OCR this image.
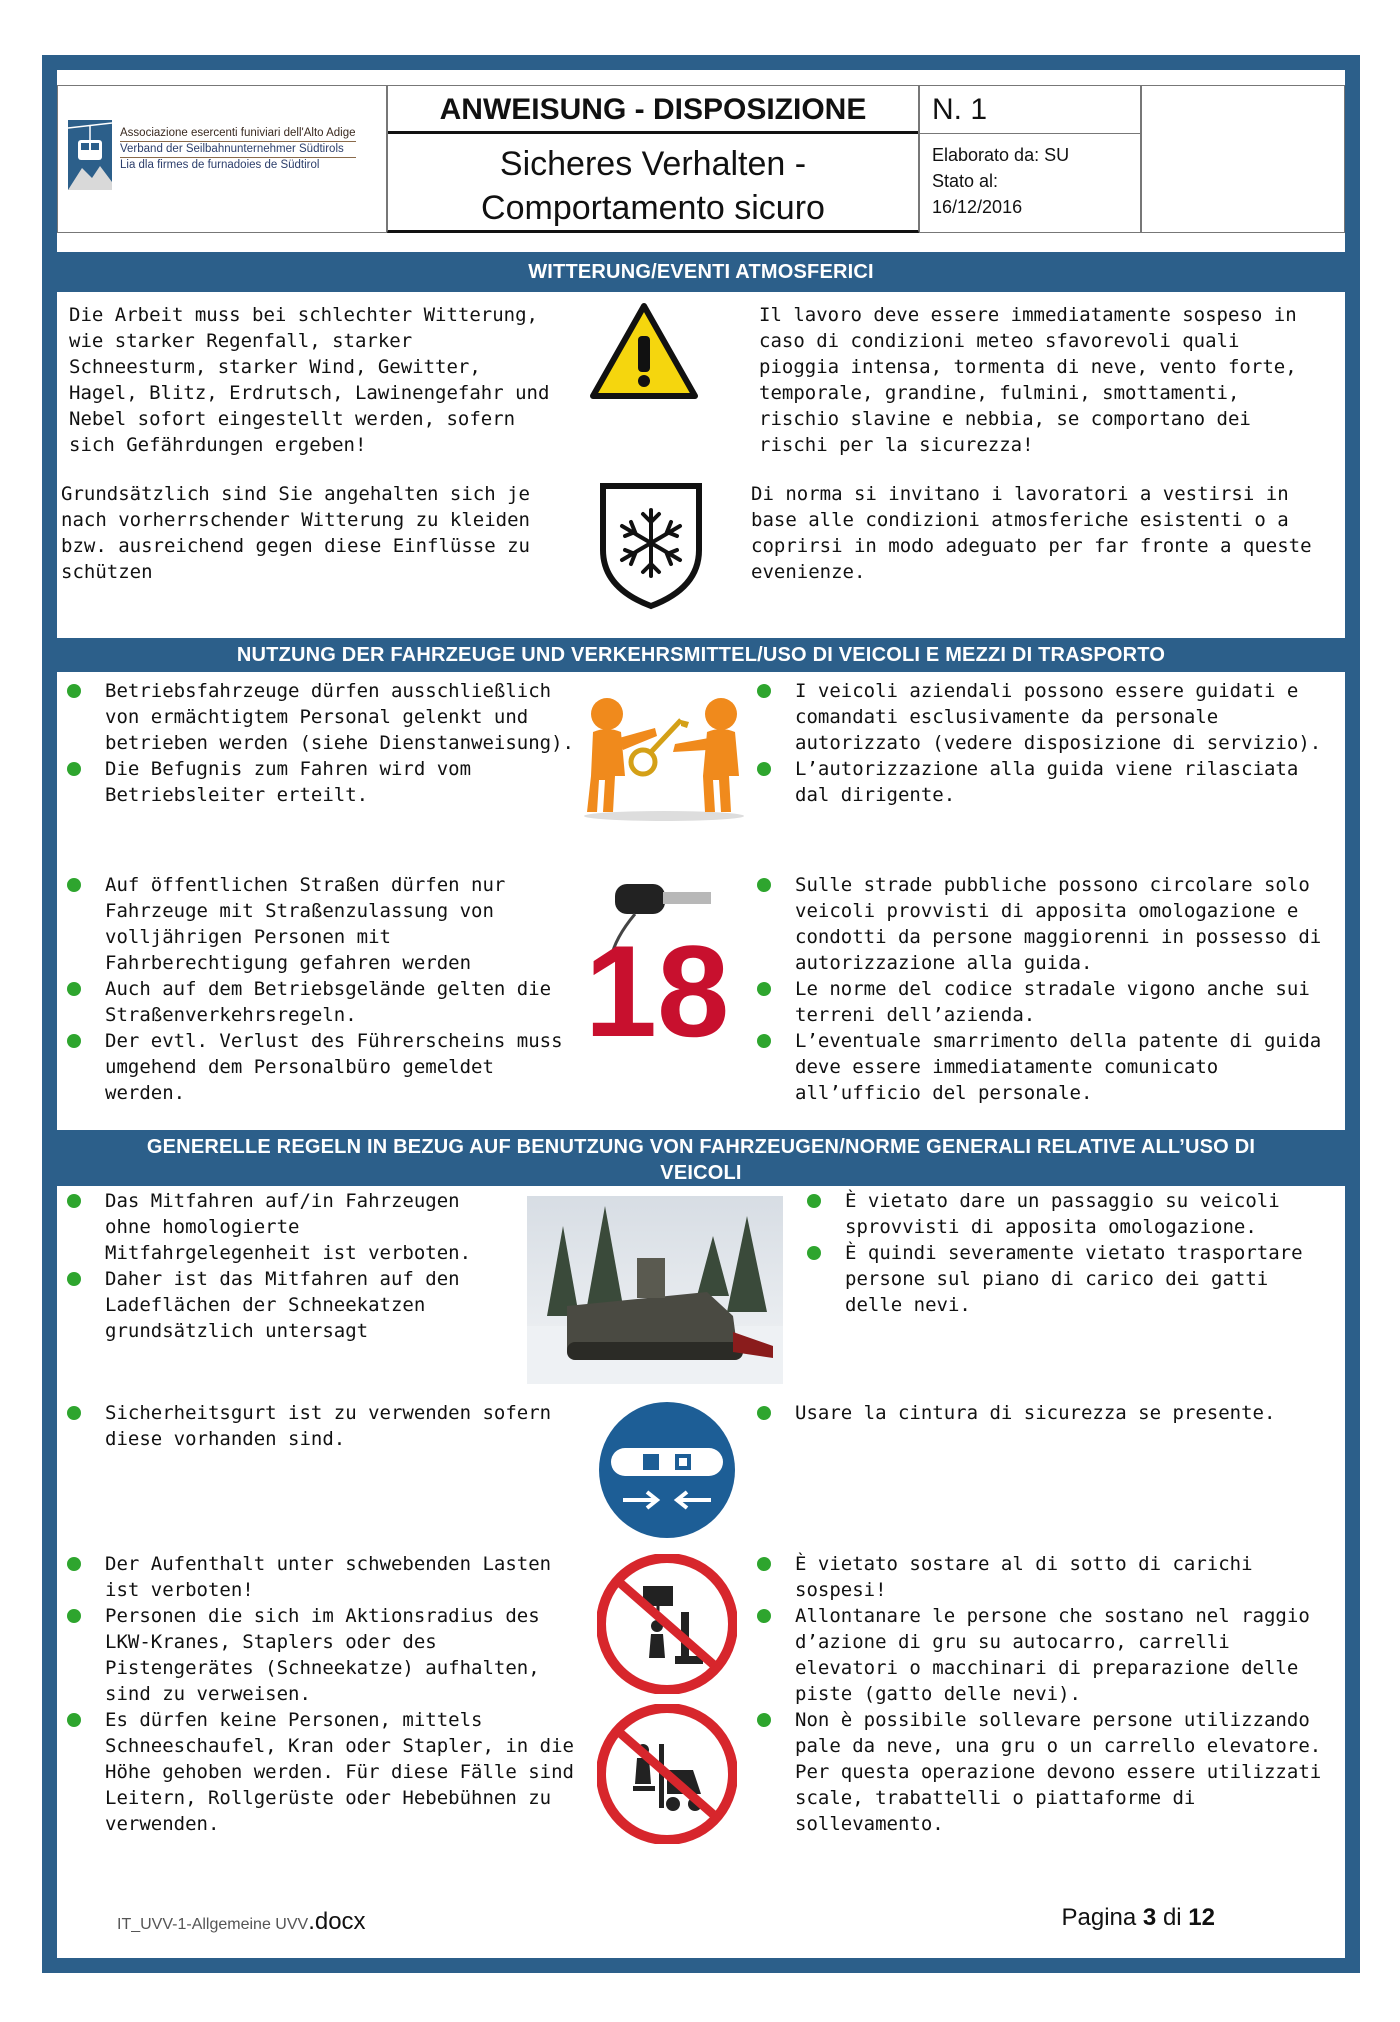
Associazione esercenti funiviari dell'Alto Adige
Verband der Seilbahnunternehmer Südtirols
Lia dla firmes de furnadoies de Südtirol
ANWEISUNG - DISPOSIZIONE
Sicheres Verhalten -
Comportamento sicuro
N. 1
Elaborato da: SU
Stato al:
16/12/2016
WITTERUNG/EVENTI ATMOSFERICI
Die Arbeit muss bei schlechter Witterung, wie starker Regenfall, starker Schneesturm, starker Wind, Gewitter, Hagel, Blitz, Erdrutsch, Lawinengefahr und Nebel sofort eingestellt werden, sofern sich Gefährdungen ergeben!
Il lavoro deve essere immediatamente sospeso in caso di condizioni meteo sfavorevoli quali pioggia intensa, tormenta di neve, vento forte, temporale, grandine, fulmini, smottamenti, rischio slavine e nebbia, se comportano dei rischi per la sicurezza!
Grundsätzlich sind Sie angehalten sich je nach vorherrschender Witterung zu kleiden bzw. ausreichend gegen diese Einflüsse zu schützen
Di norma si invitano i lavoratori a vestirsi in base alle condizioni atmosferiche esistenti o a coprirsi in modo adeguato per far fronte a queste evenienze.
NUTZUNG DER FAHRZEUGE UND VERKEHRSMITTEL/USO DI VEICOLI E MEZZI DI TRASPORTO
Betriebsfahrzeuge dürfen ausschließlich von ermächtigtem Personal gelenkt und betrieben werden (siehe Dienstanweisung).
Die Befugnis zum Fahren wird vom Betriebsleiter erteilt.
I veicoli aziendali possono essere guidati e comandati esclusivamente da personale autorizzato (vedere disposizione di servizio).
L’autorizzazione alla guida viene rilasciata dal dirigente.
Auf öffentlichen Straßen dürfen nur Fahrzeuge mit Straßenzulassung von volljährigen Personen mit Fahrberechtigung gefahren werden
Auch auf dem Betriebsgelände gelten die Straßenverkehrsregeln.
Der evtl. Verlust des Führerscheins muss umgehend dem Personalbüro gemeldet werden.
18
Sulle strade pubbliche possono circolare solo veicoli provvisti di apposita omologazione e condotti da persone maggiorenni in possesso di autorizzazione alla guida.
Le norme del codice stradale vigono anche sui terreni dell’azienda.
L’eventuale smarrimento della patente di guida deve essere immediatamente comunicato all’ufficio del personale.
GENERELLE REGELN IN BEZUG AUF BENUTZUNG VON FAHRZEUGEN/NORME GENERALI RELATIVE ALL’USO DI
VEICOLI
Das Mitfahren auf/in Fahrzeugen ohne homologierte Mitfahrgelegenheit ist verboten.
Daher ist das Mitfahren auf den Ladeflächen der Schneekatzen grundsätzlich untersagt
È vietato dare un passaggio su veicoli sprovvisti di apposita omologazione.
È quindi severamente vietato trasportare persone sul piano di carico dei gatti delle nevi.
Sicherheitsgurt ist zu verwenden sofern diese vorhanden sind.
Usare la cintura di sicurezza se presente.
Der Aufenthalt unter schwebenden Lasten ist verboten!
Personen die sich im Aktionsradius des LKW-Kranes, Staplers oder des Pistengerätes (Schneekatze) aufhalten, sind zu verweisen.
Es dürfen keine Personen, mittels Schneeschaufel, Kran oder Stapler, in die Höhe gehoben werden. Für diese Fälle sind Leitern, Rollgerüste oder Hebebühnen zu verwenden.
È vietato sostare al di sotto di carichi sospesi!
Allontanare le persone che sostano nel raggio d’azione di gru su autocarro, carrelli elevatori o macchinari di preparazione delle piste (gatto delle nevi).
Non è possibile sollevare persone utilizzando pale da neve, una gru o un carrello elevatore. Per questa operazione devono essere utilizzati scale, trabattelli o piattaforme di sollevamento.
IT_UVV-1-Allgemeine UVV.docx	Pagina 3 di 12
